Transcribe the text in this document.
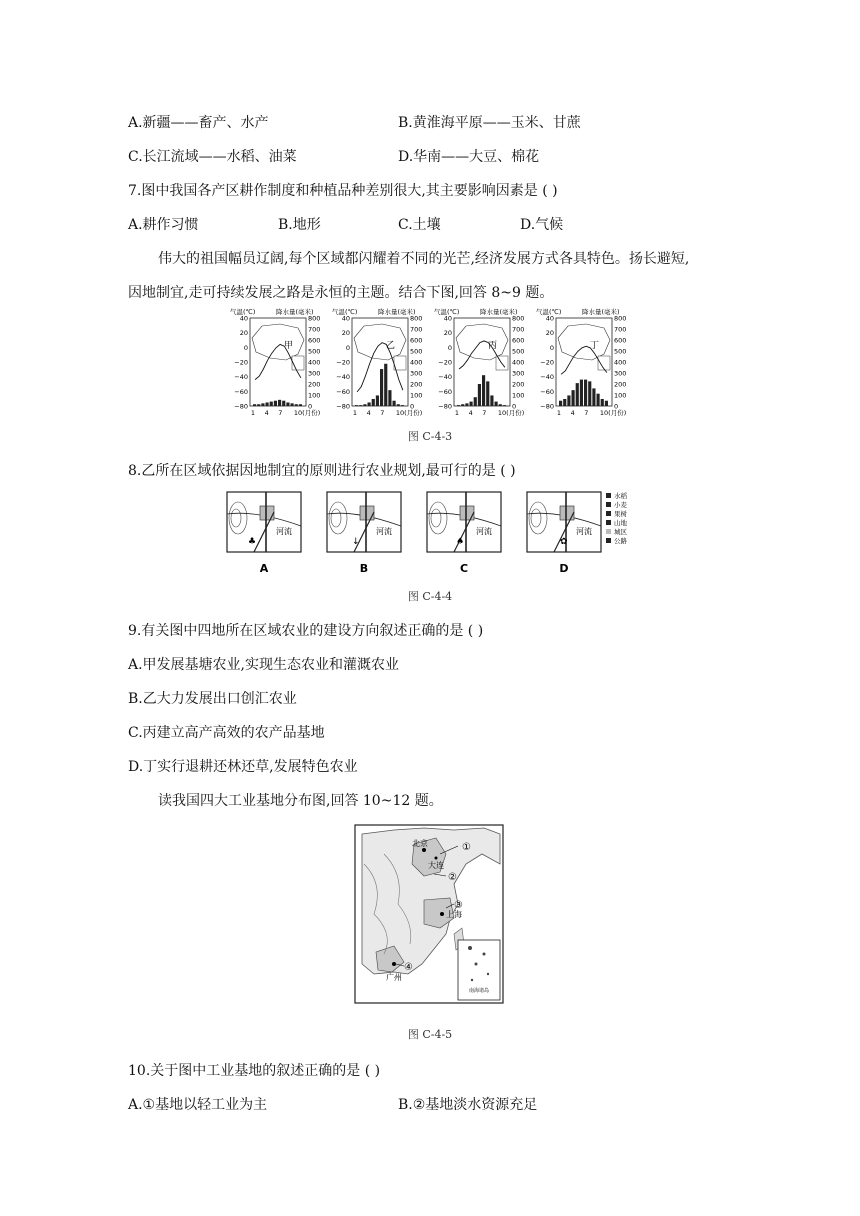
A.新疆——畜产、水产	B.黄淮海平原——玉米、甘蔗
C.长江流域——水稻、油菜	D.华南——大豆、棉花
7.图中我国各产区耕作制度和种植品种差别很大,其主要影响因素是 ( )
A.耕作习惯	B.地形	C.土壤	D.气候
伟大的祖国幅员辽阔,每个区域都闪耀着不同的光芒,经济发展方式各具特色。扬长避短,
因地制宜,走可持续发展之路是永恒的主题。结合下图,回答 8~9 题。
气温(℃)	降水量(毫米)
40
20
0
−20
−40
−60
−80
800
700
600
500
400
300
200
100
0
1 4 7 10(月份)
甲
气温(℃)	降水量(毫米)
40
20
0
−20
−40
−60
−80
800
700
600
500
400
300
200
100
0
1 4 7 10(月份)
乙
气温(℃)	降水量(毫米)
40
20
0
−20
−40
−60
−80
800
700
600
500
400
300
200
100
0
1 4 7 10(月份)
丙
气温(℃)	降水量(毫米)
40
20
0
−20
−40
−60
−80
800
700
600
500
400
300
200
100
0
1 4 7 10(月份)
丁
图 C-4-3
8.乙所在区域依据因地制宜的原则进行农业规划,最可行的是 ( )
河流
♣
A
河流
↓
B
河流
♠
C
河流
✿
D
水稻
小麦
果树
山地
城区
公路
图 C-4-4
9.有关图中四地所在区域农业的建设方向叙述正确的是 ( )
A.甲发展基塘农业,实现生态农业和灌溉农业
B.乙大力发展出口创汇农业
C.丙建立高产高效的农产品基地
D.丁实行退耕还林还草,发展特色农业
读我国四大工业基地分布图,回答 10~12 题。
南海诸岛
北京
大连
上海
广州
①
②
③
④
图 C-4-5
10.关于图中工业基地的叙述正确的是 ( )
A.①基地以轻工业为主	B.②基地淡水资源充足
